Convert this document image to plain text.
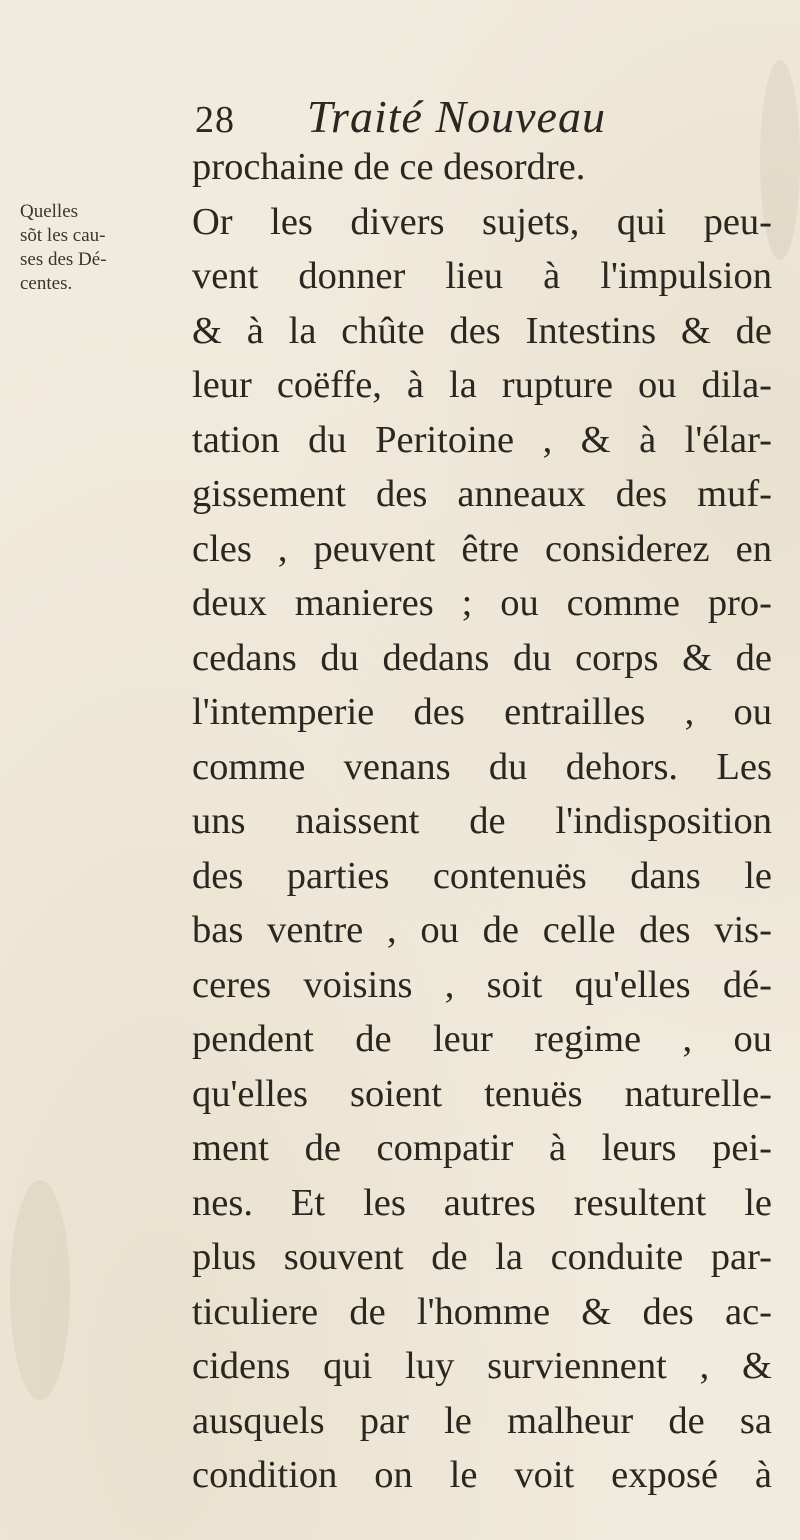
28 Traité Nouveau
Quelles
sõt les cau-
ses des Dé-
centes.
prochaine de ce desordre.
Or les divers sujets, qui peu-
vent donner lieu à l'impulsion
& à la chûte des Intestins & de
leur coëffe, à la rupture ou dila-
tation du Peritoine , & à l'élar-
gissement des anneaux des muf-
cles , peuvent être considerez en
deux manieres ; ou comme pro-
cedans du dedans du corps & de
l'intemperie des entrailles , ou
comme venans du dehors. Les
uns naissent de l'indisposition
des parties contenuës dans le
bas ventre , ou de celle des vis-
ceres voisins , soit qu'elles dé-
pendent de leur regime , ou
qu'elles soient tenuës naturelle-
ment de compatir à leurs pei-
nes. Et les autres resultent le
plus souvent de la conduite par-
ticuliere de l'homme & des ac-
cidens qui luy surviennent , &
ausquels par le malheur de sa
condition on le voit exposé à
